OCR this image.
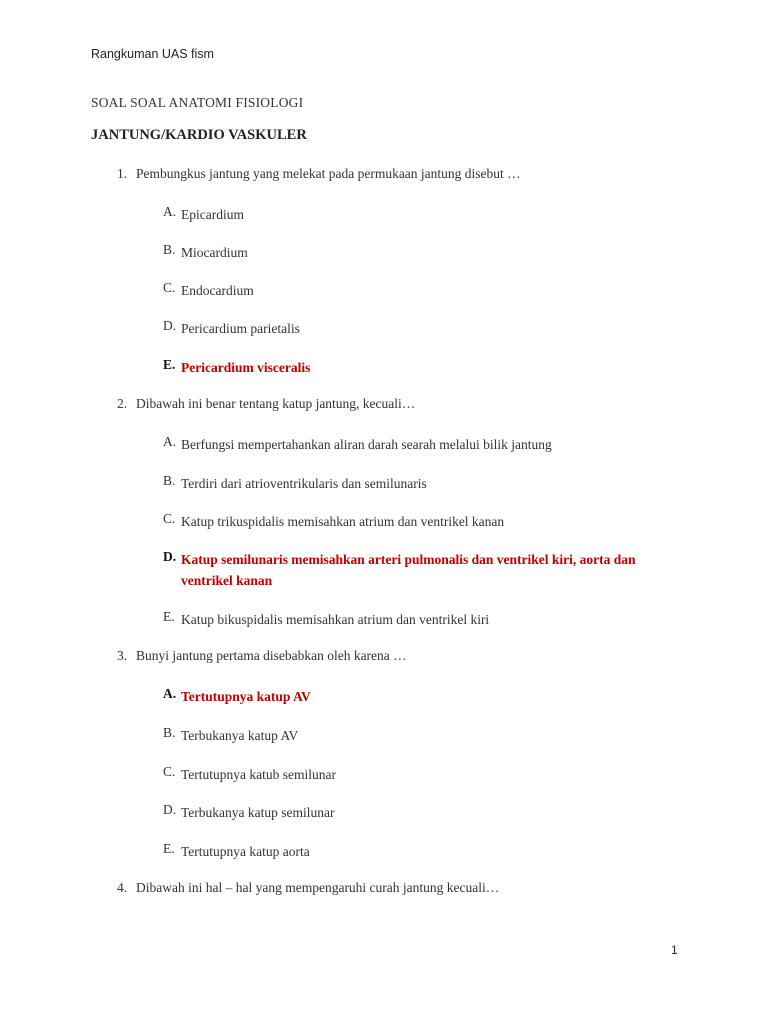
Rangkuman UAS fism
SOAL SOAL ANATOMI FISIOLOGI
JANTUNG/KARDIO VASKULER
1. Pembungkus jantung yang melekat pada permukaan jantung disebut …
A. Epicardium
B. Miocardium
C. Endocardium
D. Pericardium parietalis
E. Pericardium visceralis
2. Dibawah ini benar tentang katup jantung, kecuali…
A. Berfungsi mempertahankan aliran darah searah melalui bilik jantung
B. Terdiri dari atrioventrikularis dan semilunaris
C. Katup trikuspidalis memisahkan atrium dan ventrikel kanan
D. Katup semilunaris memisahkan arteri pulmonalis dan ventrikel kiri, aorta dan ventrikel kanan
E. Katup bikuspidalis memisahkan atrium dan ventrikel kiri
3. Bunyi jantung pertama disebabkan oleh karena …
A. Tertutupnya katup AV
B. Terbukanya katup AV
C. Tertutupnya katub semilunar
D. Terbukanya katup semilunar
E. Tertutupnya katup aorta
4. Dibawah ini hal – hal yang mempengaruhi curah jantung kecuali…
1
